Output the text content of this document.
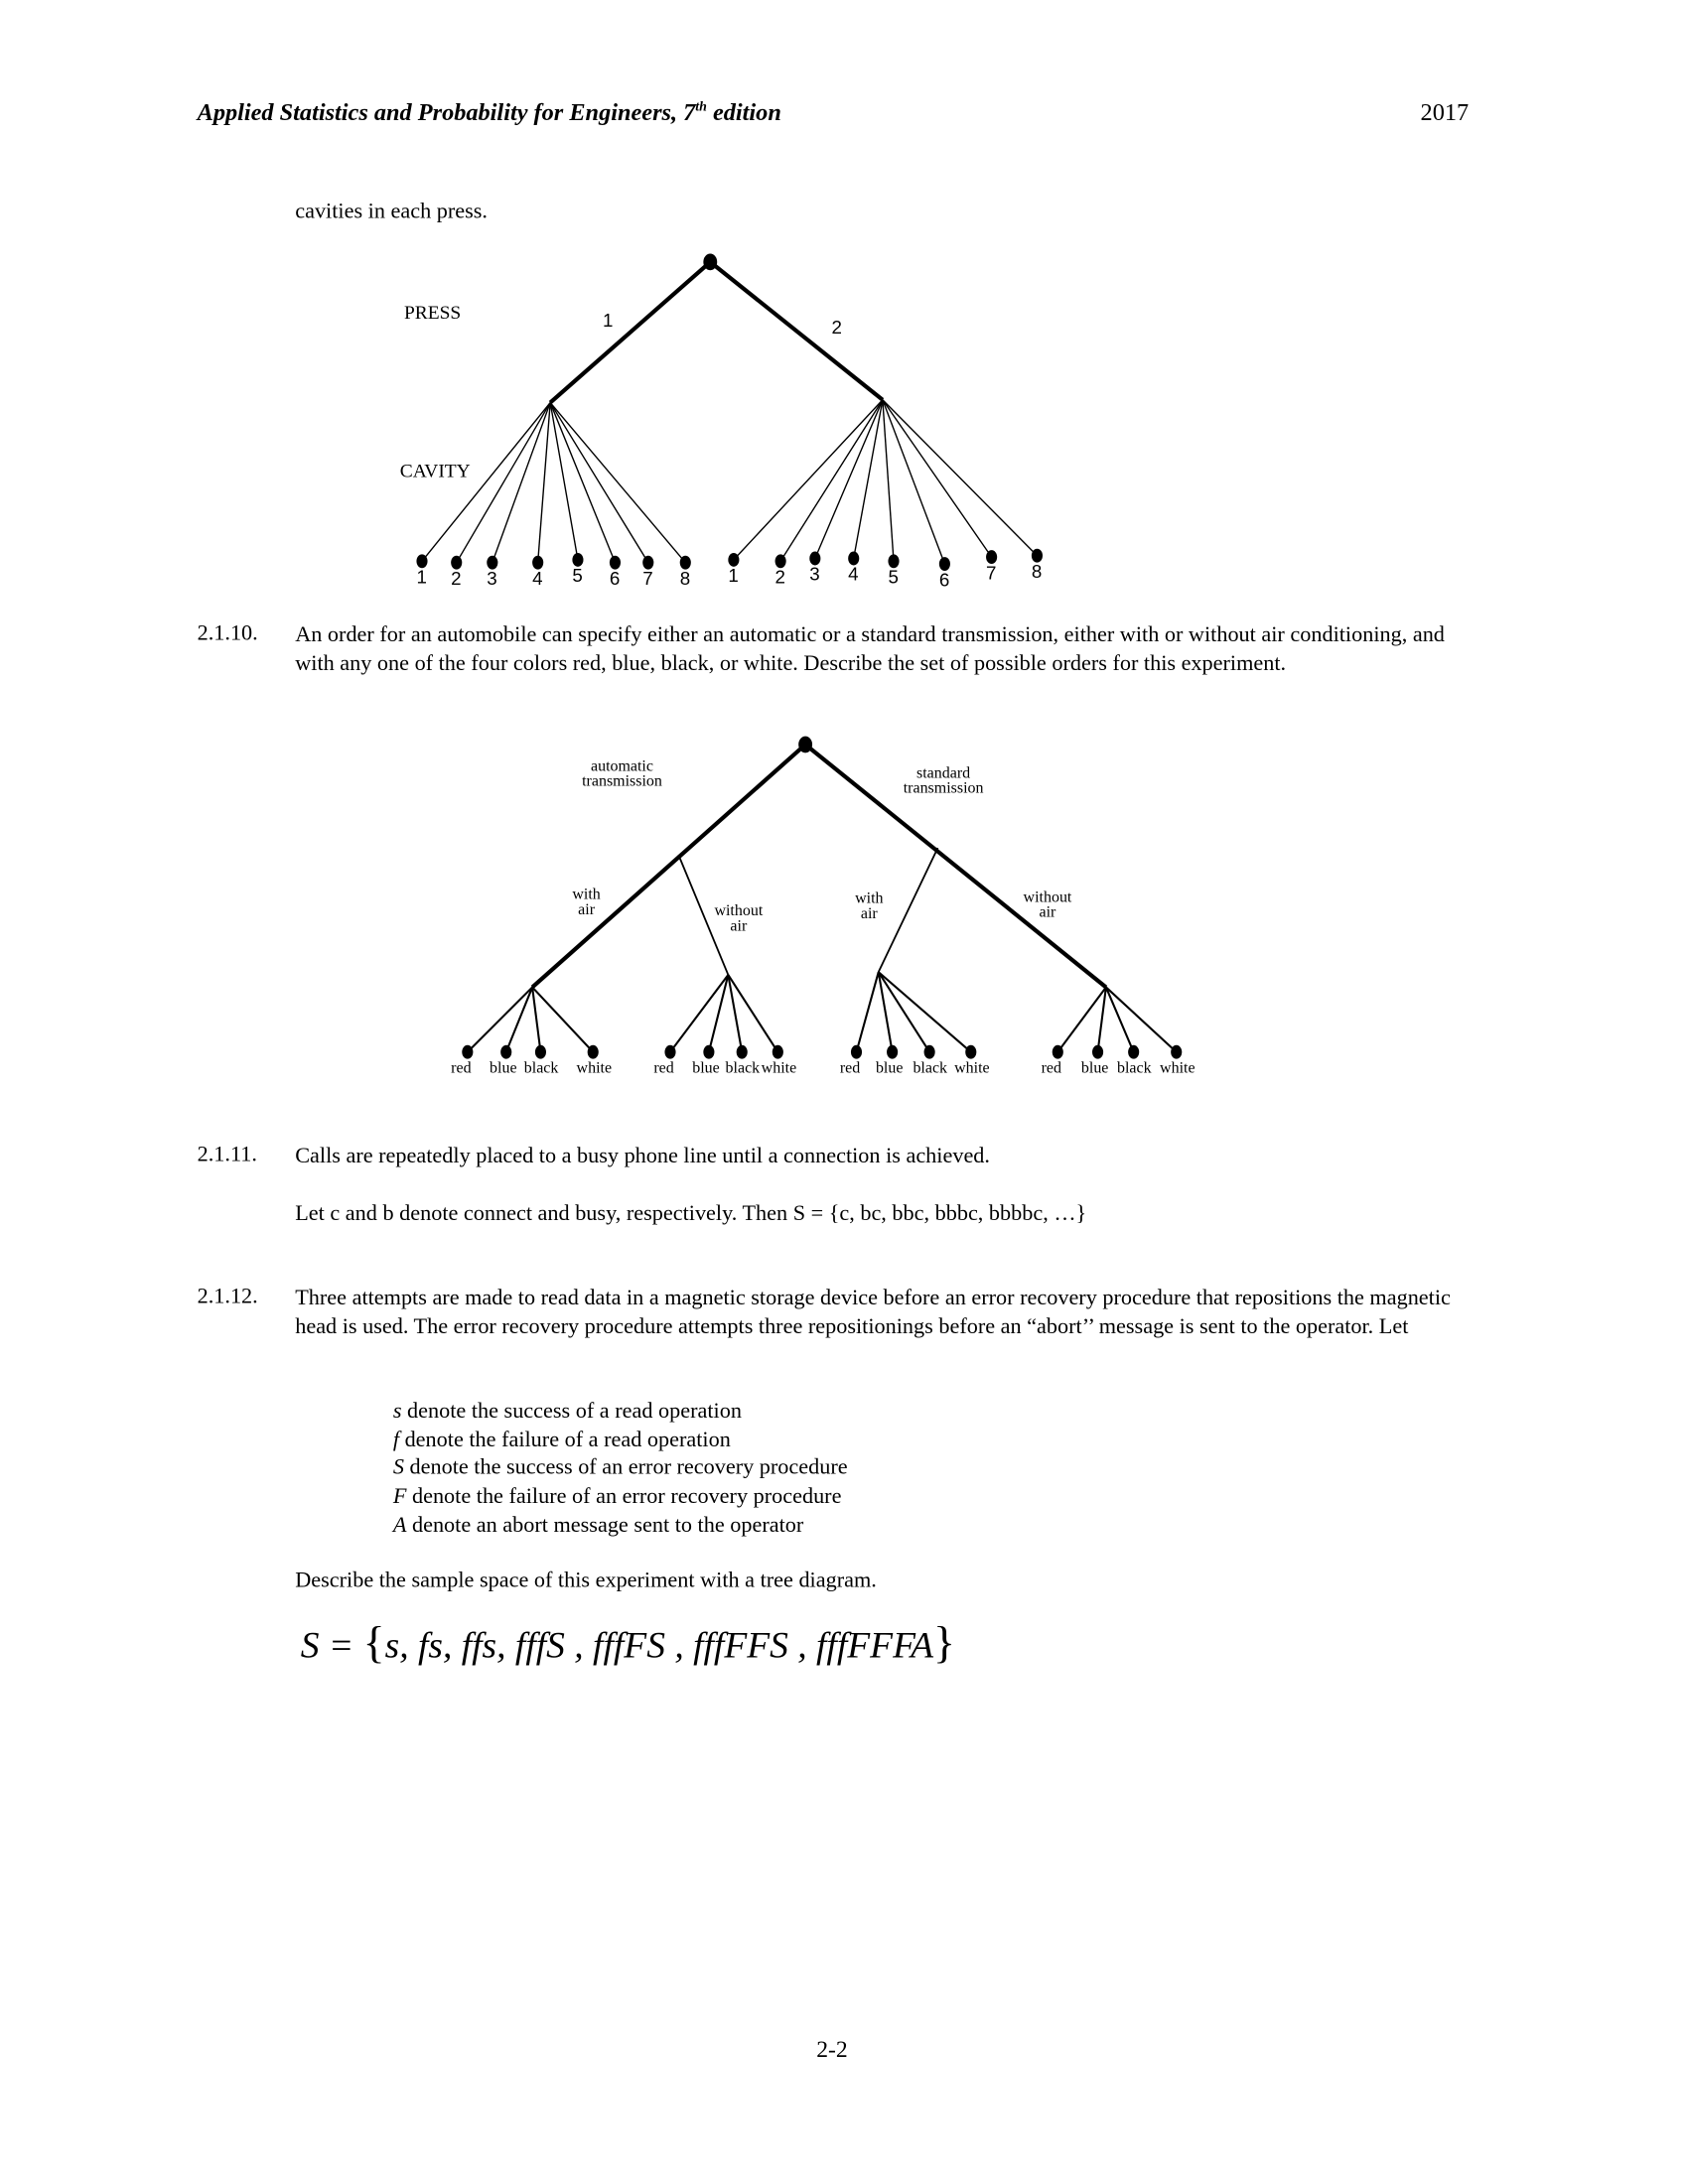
Applied Statistics and Probability for Engineers, 7th edition	2017
cavities in each press.
PRESS
CAVITY
1	2
1 2 3	4 5 6 7 8	1	2 3 4 5	6	7	8
2.1.10. An order for an automobile can specify either an automatic or a standard transmission, either with or without air conditioning, and with any one of the four colors red, blue, black, or white. Describe the set of possible orders for this experiment.
automatic
transmission	standard
transmission
with
air	without
air
with
air
without
air
red blue black white	red blue black white	red blue black white	red blue black white
2.1.11. Calls are repeatedly placed to a busy phone line until a connection is achieved.
Let c and b denote connect and busy, respectively. Then S = {c, bc, bbc, bbbc, bbbbc, …}
2.1.12. Three attempts are made to read data in a magnetic storage device before an error recovery procedure that repositions the magnetic head is used. The error recovery procedure attempts three repositionings before an “abort’’ message is sent to the operator. Let
s denote the success of a read operation
f denote the failure of a read operation
S denote the success of an error recovery procedure
F denote the failure of an error recovery procedure
A denote an abort message sent to the operator
Describe the sample space of this experiment with a tree diagram.
S = {s, fs, ffs, fffS , fffFS , fffFFS , fffFFFA}
2-2
